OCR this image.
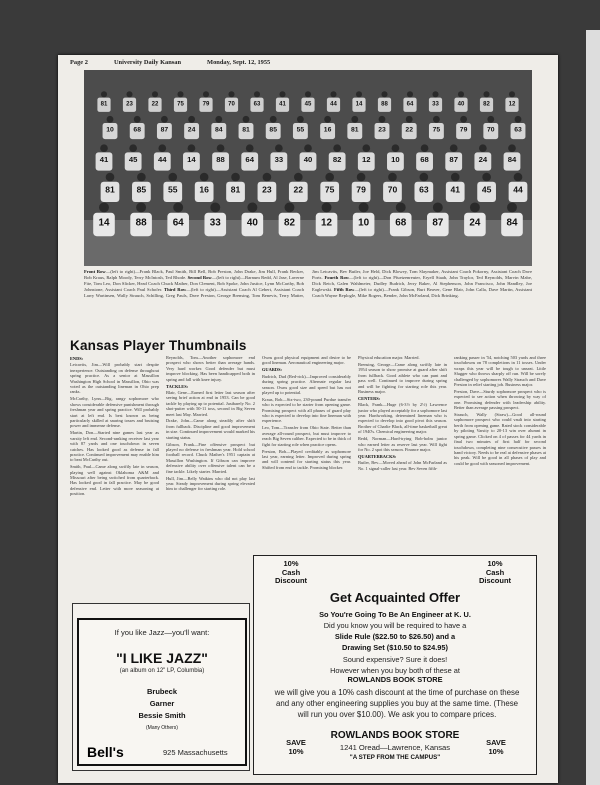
Page 2	University Daily Kansan	Monday, Sept. 12, 1955
81	23	22	75	79	70	63	41	45	44	14	88	64	33	40	82	12
10	68	87	24	84	81	85	55	16	81	23	22	75	79	70	63
41	45	44	14	88	64	33	40	82	12	10	68	87	24	84
81	85	55	16	81	23	22	75	79	70	63	41	45	44
14	88	64	33	40	82	12	10	68	87	24	84
Front Row—(left to right)—Frank Black, Paul Smith, Bill Bell, Bob Preston, John Drake, Jim Hull, Frank Becker, Bob Kraus, Ralph Moody, Terry McIntosh, Ted Rhode. Second Row—(left to right)—Barnum Redd, Al Jase, Laverne Fite, Tom Leo, Don Slicker, Head Coach Chuck Mather, Don Clement, Bob Spoke, John Justice, Lynn McCarthy, Bob Johnstone, Assistant Coach Paul Schofer. Third Row—(left to right)—Assistant Coach Al Gebert, Assistant Coach Larry Wartinsen, Wally Strauch, Schilling, Greg Pauls, Dave Preston, George Brensing, Tom Benevis, Terry Matter, Jim Letcavits, Bev Butler, Joe Held, Dick Blowey, Tom Slaymaker, Assistant Coach Pokorny, Assistant Coach Dave Ports. Fourth Row—(left to right)—Don Pfuetzenreuter, Eryell Staab, John Traylor, Ted Reynolds, Marvin Mabe, Dick Reich, Galen Wahlmeier, Dudley Budrich, Jerry Baker, Al Stephenson, John Francisco, John Handley, Joe Eaglewski. Fifth Row—(left to right)—Frank Gibson, Burt Beaver, Gene Blair, John Calla, Dave Martin, Assistant Coach Wayne Replogle, Mike Rogers, Bender, John McFarland, Dick Brinking.
Kansas Player Thumbnails
ENDS:

Letcavits, Jim—Will probably start despite inexperience. Outstanding on defense throughout spring practice. As a senior at Massillon Washington High School in Massillon, Ohio was voted as the outstanding lineman in Ohio prep ranks.

McCarthy, Lynn—Big, rangy sophomore who shows considerable defensive punishment through freshman year and spring practice. Will probably start at left end. Is best known as being particularly skilled at snaring tosses and bruising power and immense defense.

Martin, Don—Started nine games last year as varsity left end. Second-ranking receiver last year with 87 yards and one touchdown in seven catches. Has looked good as defense in fall practice. Continued improvement may enable him to beat McCarthy out.

Smith, Paul—Came along swiftly late in season, playing well against Oklahoma A&M and Missouri after being switched from quarterback. Has looked good in fall practice. May be good defensive end. Letter with more seasoning at position.

Reynolds, Tom—Another sophomore end prospect who shows better than average hands. Very hard worker. Good defender but must improve blocking. Has been handicapped both in spring and fall with knee injury.

TACKLES:

Blair, Gene—Earned first letter last season after seeing brief action at end in 1953. Can be good tackle by playing up to potential. Justbarely No. 2 shot-putter with 50-11 toss, second in Big Seven meet last May. Married.

Drake, John—Came along steadily after shift from fullback. Discipline and good improvement in size. Continued improvement would marked his starting status.

Gibson, Frank—Fine offensive prospect but played no defense in freshman year. Hold school football record. Chuck Mather's 1951 captain at Massillon Washington. If Gibson can improve defensive ability over offensive talent can be a fine tackle. Likely starter. Married.

Hull, Jim—Belly Watkins who did not play last year. Steady improvement during spring elevated him to challenger for starting role.

Owns good physical equipment and desire to be good lineman. Aeronautical engineering major.

GUARDS:

Budrich, Dud (Red-rick)—Improved considerably during spring practice. Alternate regular last season. Owns good size and speed but has not played up to potential.

Kraus, Bob—Six-two, 230-pound Purdue transfer who is expected to be starter from opening game. Promising prospect with all phases of guard play who is expected to develop into fine lineman with experience.

Leo, Tom—Transfer from Ohio State. Better than average all-round prospect, but must improve to reach Big Seven caliber. Expected to be in thick of fight for starting role when practice opens.

Preston, Bob—Played creditably as sophomore last year, earning letter. Improved during spring and will contend for starting status this year. Shifted from end to tackle. Promising blocker.

Physical education major. Married.

Brensing, George—Came along swiftly late in 1954 season to show promise at guard after shift from fullback. Good athlete who can punt and pass well. Continued to improve during spring and will be fighting for starting role this year. Business major.

CENTERS:

Black, Frank—Huge (6-3½ by 2½) Lawrence junior who played acceptably for a sophomore last year. Hardworking, determined lineman who is expected to develop into good pivot this season. Brother of Charlie Black, all-time basketball great of 1940's. Chemical engineering major.

Redd, Norman—Hard-trying Bob-holm junior who earned letter as reserve last year. Will fight for No. 2 spot this season. Finance major.

QUARTERBACKS:

Butler, Bev—Moved ahead of John McFarland as No. 1 signal-caller last year. Bev Seven fifth-

ranking passer in '54, notching 503 yards and three touchdowns on 78 completions in 11 tosses. Under wraps this year will be tough to unseat. Little Slugger who throws sharply off run. Will be sorely challenged by sophomores Wally Strauch and Dave Preston in relief starting job. Business major.

Preston, Dave—Sturdy sophomore prospect who is expected to see action when throwing by way of one. Promising defender with leadership ability. Better than average passing prospect.

Strauch, Wally (Straw)—Good all-round sophomore prospect who could vault into starting berth from opening game. Rated stock considerable by piloting Varsity to 20-13 win over alumni in spring game. Clicked on 4 of passes for 44 yards in final two minutes of first half for second touchdown, completing nine consecutive passes in hand victory. Needs to be real at defensive phases at his peak. Will be good in all phases of play and could be good with seasoned improvement.

If you like Jazz—you'll want:
"I LIKE JAZZ"
(an album on 12" LP, Columbia)
Brubeck
Garner
Bessie Smith
(Many Others)
Bell's	925 Massachusetts
10%
Cash
Discount
10%
Cash
Discount
Get Acquainted Offer
So You're Going To Be An Engineer at K. U.
Did you know you will be required to have a
Slide Rule ($22.50 to $26.50) and a
Drawing Set ($10.50 to $24.95)
Sound expensive? Sure it does!
However when you buy both of these at
ROWLANDS BOOK STORE
we will give you a 10% cash discount at the time of purchase on these and any other engineering supplies you buy at the same time. (These will run you over $10.00). We ask you to compare prices.
ROWLANDS BOOK STORE
1241 Oread—Lawrence, Kansas
"A STEP FROM THE CAMPUS"
SAVE
10%
SAVE
10%
